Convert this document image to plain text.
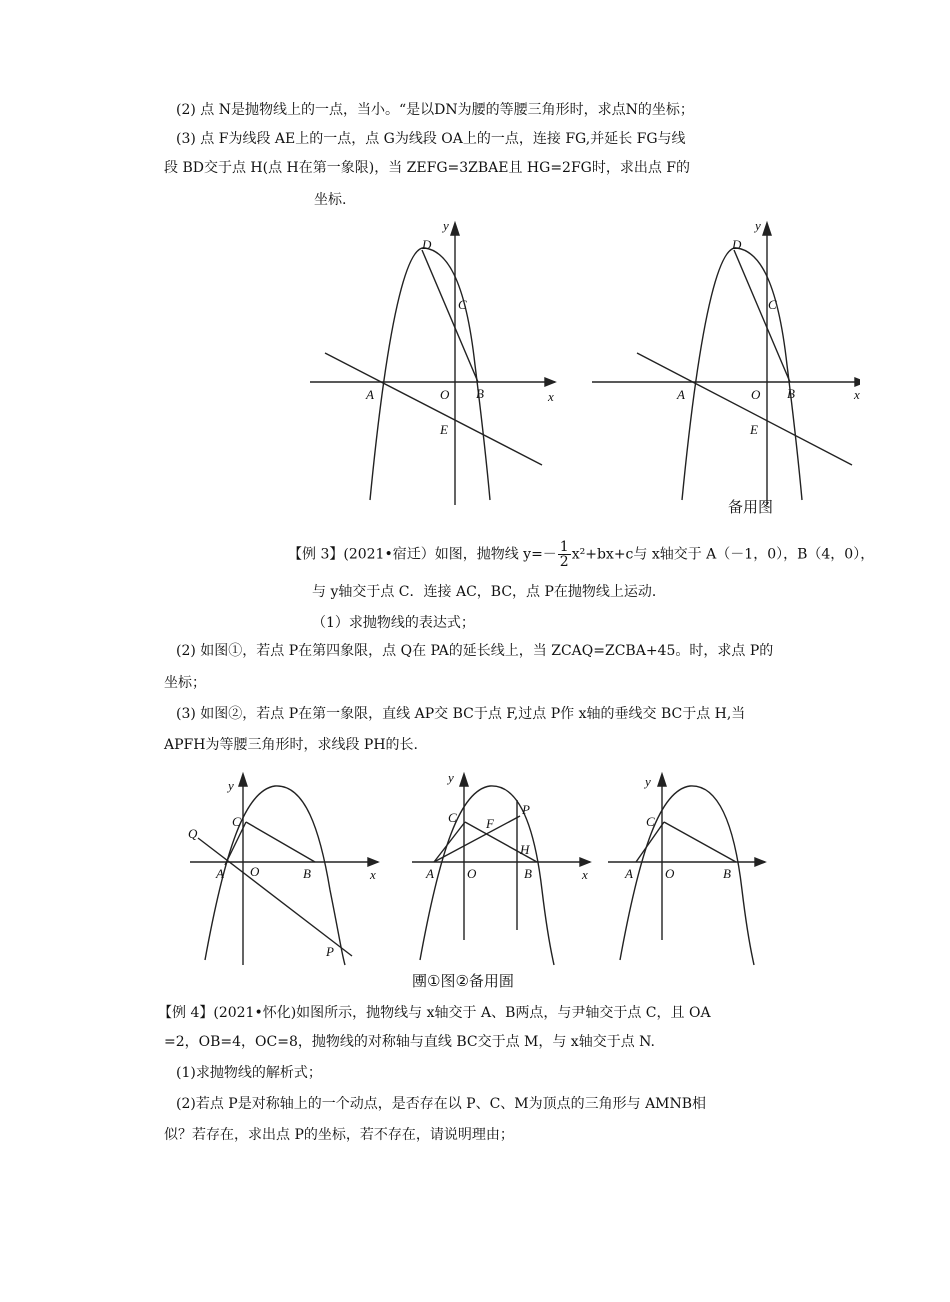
(2) 点 N是抛物线上的一点，当小。“是以DN为腰的等腰三角形时，求点N的坐标；
(3) 点 F为线段 AE上的一点，点 G为线段 OA上的一点，连接 FG,并延长 FG与线
段 BD交于点 H(点 H在第一象限)，当 ZEFG=3ZBAE且 HG=2FG时，求出点 F的
坐标.
y
D
C
A	O B	x
E
y
D
C
A	O B	x
E
备用图
【例 3】(2021•宿迁）如图，抛物线 $y=- \frac{1}{2} x^2+bx+c$与 x轴交于 A（－1，0），B（4，0），
与 y轴交于点 C．连接 AC，BC，点 P在抛物线上运动．
（1）求抛物线的表达式；
(2) 如图①，若点 P在第四象限，点 Q在 PA的延长线上，当 ZCAQ=ZCBA+45。时，求点 P的
坐标；
(3) 如图②，若点 P在第一象限，直线 AP交 BC于点 F,过点 P作 x轴的垂线交 BC于点 H,当
APFH为等腰三角形时，求线段 PH的长.
y
C
Q
A O	B	x
P
y
C
P
F
H
A	O	B	x
y
C
A O	B
圑①图②备用圄
【例 4】(2021•怀化)如图所示，抛物线与 x轴交于 A、B两点，与尹轴交于点 C，且 OA
=2，OB=4，OC=8，抛物线的对称轴与直线 BC交于点 M，与 x轴交于点 N.
(1)求抛物线的解析式；
(2)若点 P是对称轴上的一个动点，是否存在以 P、C、M为顶点的三角形与 AMNB相
似？若存在，求出点 P的坐标，若不存在，请说明理由；
